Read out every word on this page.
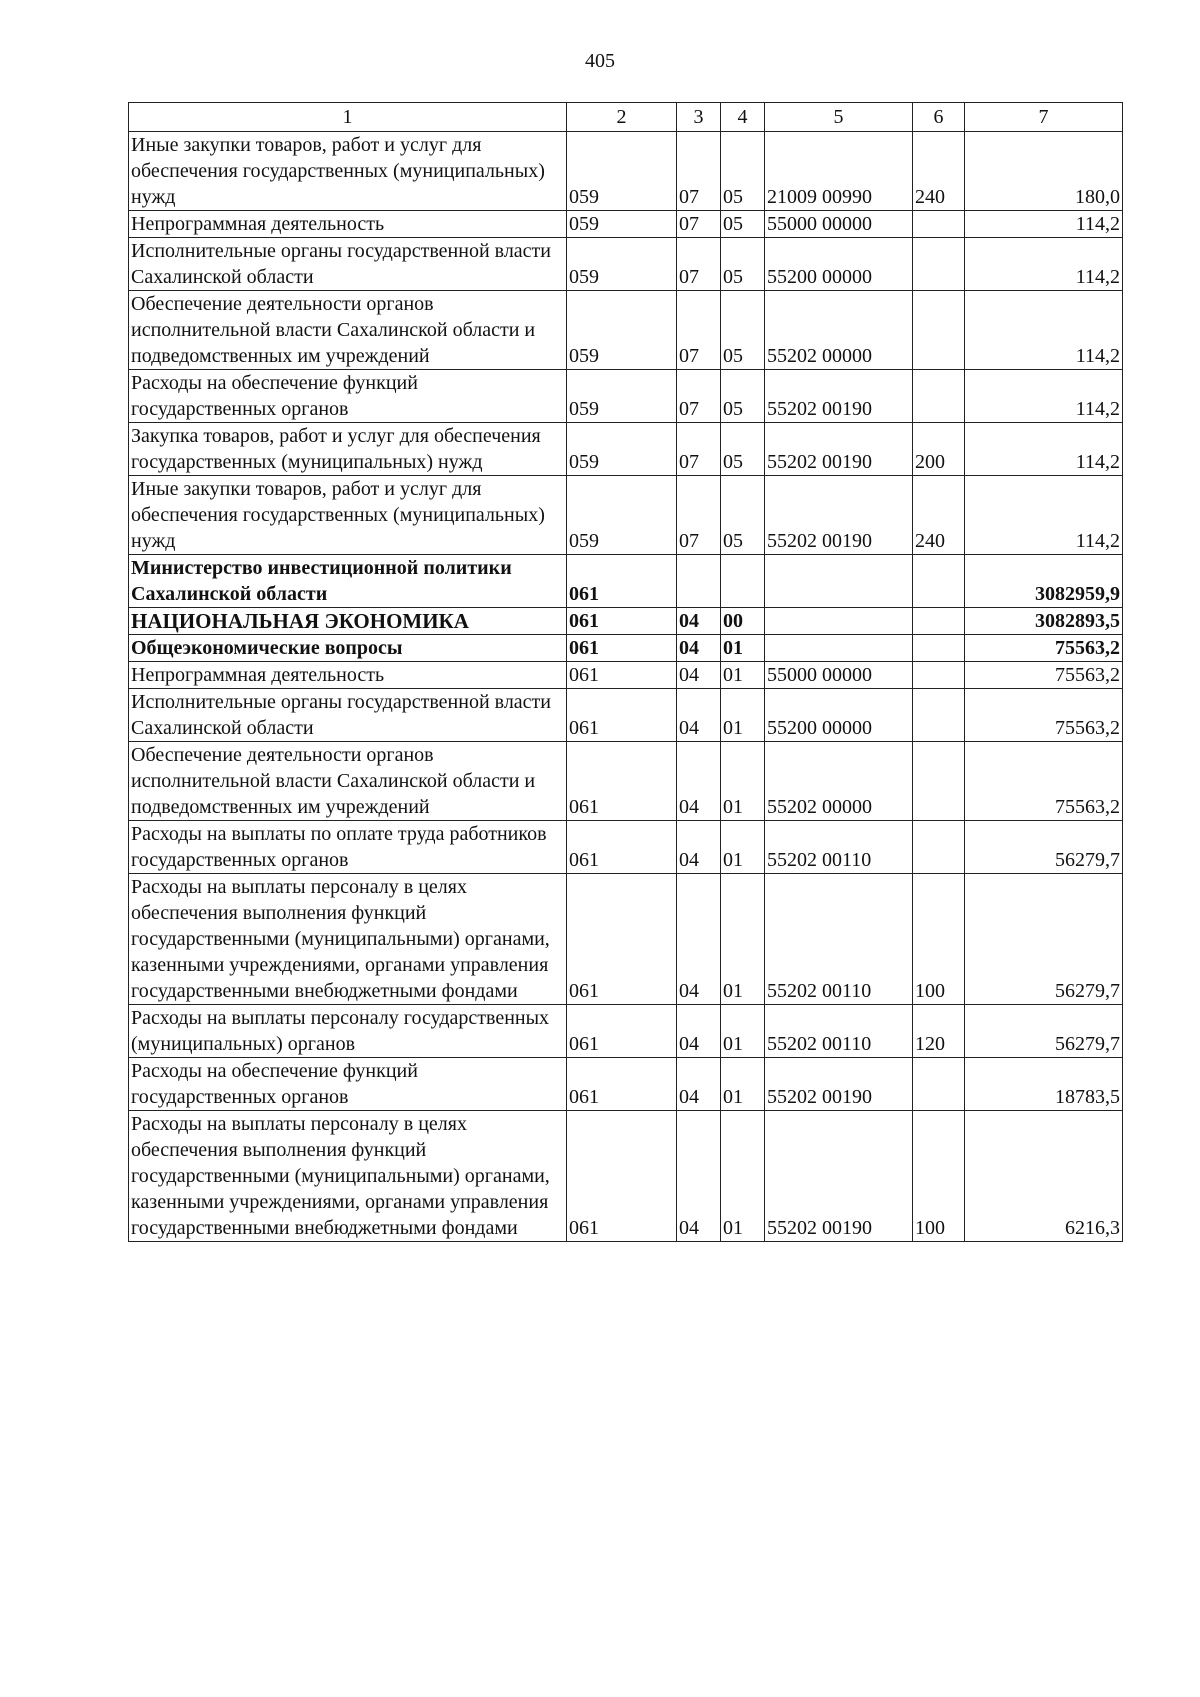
405
1	2	3	4	5	6	7
Иные закупки товаров, работ и услуг для обеспечения государственных (муниципальных) нужд	059	07	05	21009 00990	240	180,0
Непрограммная деятельность	059	07	05	55000 00000		114,2
Исполнительные органы государственной власти Сахалинской области	059	07	05	55200 00000		114,2
Обеспечение деятельности органов исполнительной власти Сахалинской области и подведомственных им учреждений	059	07	05	55202 00000		114,2
Расходы на обеспечение функций государственных органов	059	07	05	55202 00190		114,2
Закупка товаров, работ и услуг для обеспечения государственных (муниципальных) нужд	059	07	05	55202 00190	200	114,2
Иные закупки товаров, работ и услуг для обеспечения государственных (муниципальных) нужд	059	07	05	55202 00190	240	114,2
Министерство инвестиционной политики Сахалинской области	061					3082959,9
НАЦИОНАЛЬНАЯ ЭКОНОМИКА	061	04	00			3082893,5
Общеэкономические вопросы	061	04	01			75563,2
Непрограммная деятельность	061	04	01	55000 00000		75563,2
Исполнительные органы государственной власти Сахалинской области	061	04	01	55200 00000		75563,2
Обеспечение деятельности органов исполнительной власти Сахалинской области и подведомственных им учреждений	061	04	01	55202 00000		75563,2
Расходы на выплаты по оплате труда работников государственных органов	061	04	01	55202 00110		56279,7
Расходы на выплаты персоналу в целях обеспечения выполнения функций государственными (муниципальными) органами, казенными учреждениями, органами управления государственными внебюджетными фондами	061	04	01	55202 00110	100	56279,7
Расходы на выплаты персоналу государственных (муниципальных) органов	061	04	01	55202 00110	120	56279,7
Расходы на обеспечение функций государственных органов	061	04	01	55202 00190		18783,5
Расходы на выплаты персоналу в целях обеспечения выполнения функций государственными (муниципальными) органами, казенными учреждениями, органами управления государственными внебюджетными фондами	061	04	01	55202 00190	100	6216,3
